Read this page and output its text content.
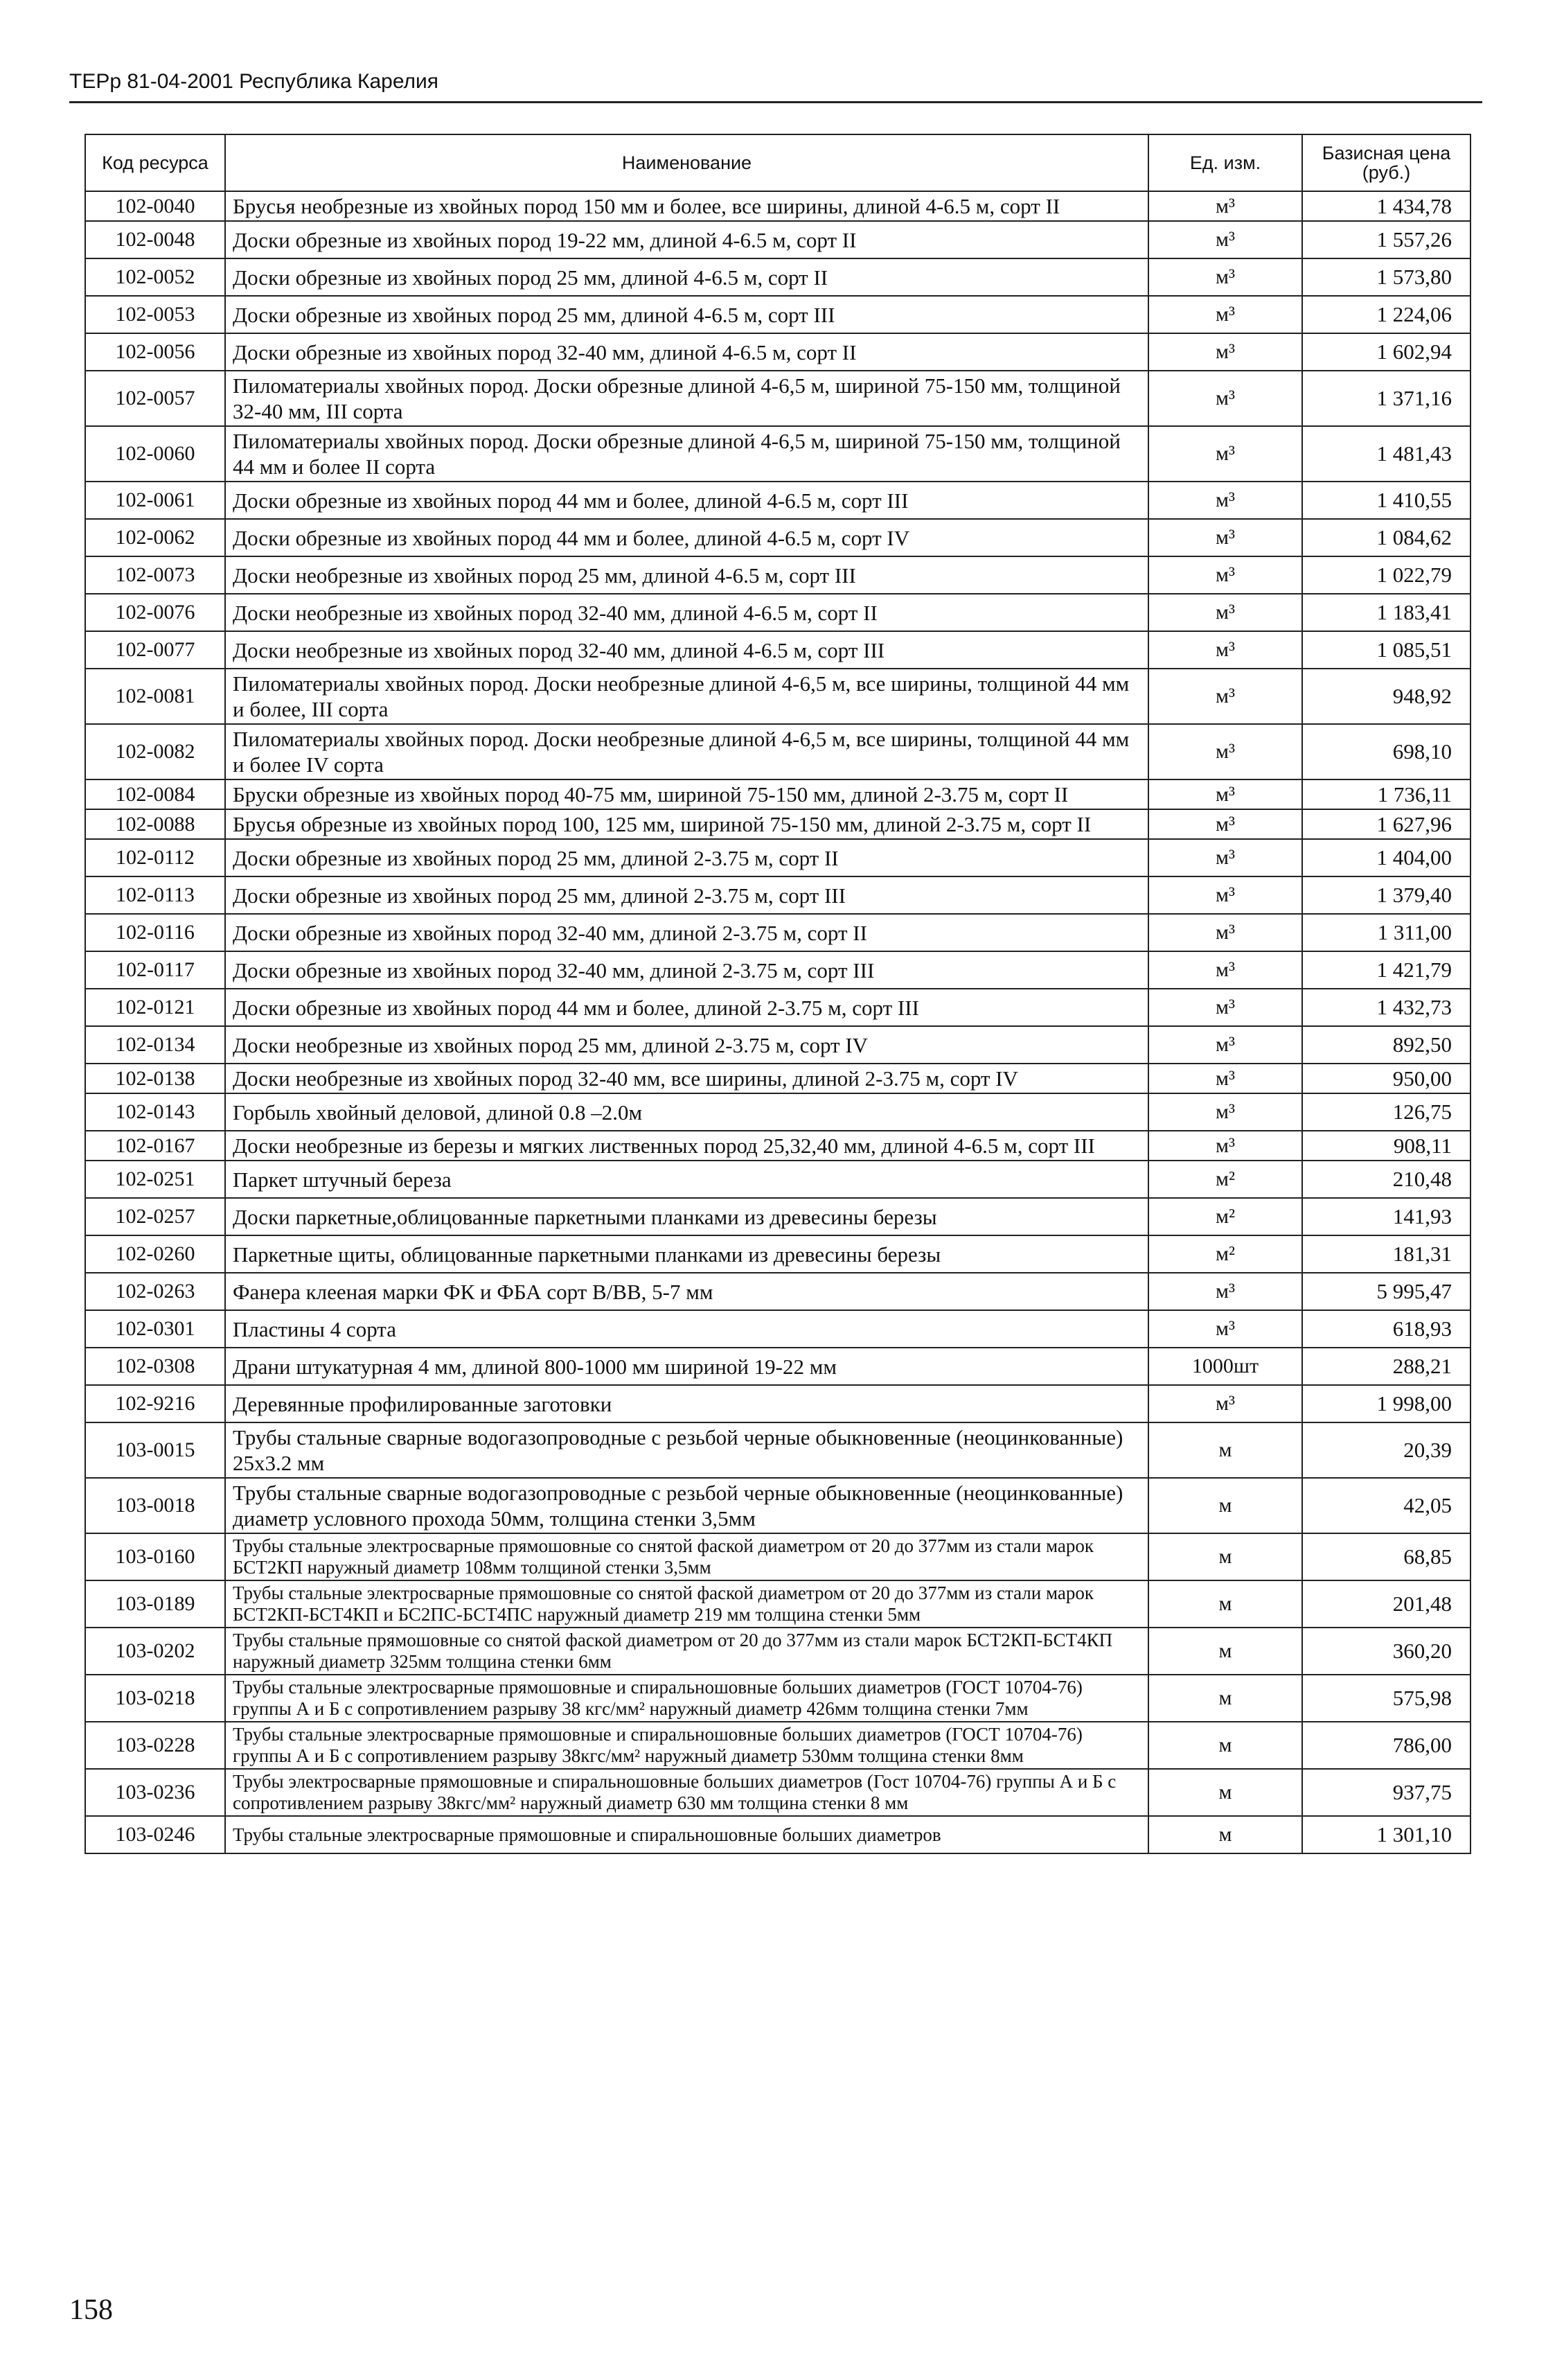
ТЕРр 81-04-2001 Республика Карелия
Код ресурса	Наименование	Ед. изм.	Базисная цена (руб.)
102-0040	Брусья необрезные из хвойных пород 150 мм и более, все ширины, длиной 4-6.5 м, сорт II	м³	1 434,78
102-0048	Доски обрезные из хвойных пород 19-22 мм, длиной 4-6.5 м, сорт II	м³	1 557,26
102-0052	Доски обрезные из хвойных пород 25 мм, длиной 4-6.5 м, сорт II	м³	1 573,80
102-0053	Доски обрезные из хвойных пород 25 мм, длиной 4-6.5 м, сорт III	м³	1 224,06
102-0056	Доски обрезные из хвойных пород 32-40 мм, длиной 4-6.5 м, сорт II	м³	1 602,94
102-0057	Пиломатериалы хвойных пород. Доски обрезные длиной 4-6,5 м, шириной 75-150 мм, толщиной 32-40 мм, III сорта	м³	1 371,16
102-0060	Пиломатериалы хвойных пород. Доски обрезные длиной 4-6,5 м, шириной 75-150 мм, толщиной 44 мм и более II сорта	м³	1 481,43
102-0061	Доски обрезные из хвойных пород 44 мм и более, длиной 4-6.5 м, сорт III	м³	1 410,55
102-0062	Доски обрезные из хвойных пород 44 мм и более, длиной 4-6.5 м, сорт IV	м³	1 084,62
102-0073	Доски необрезные из хвойных пород 25 мм, длиной 4-6.5 м, сорт III	м³	1 022,79
102-0076	Доски необрезные из хвойных пород 32-40 мм, длиной 4-6.5 м, сорт II	м³	1 183,41
102-0077	Доски необрезные из хвойных пород 32-40 мм, длиной 4-6.5 м, сорт III	м³	1 085,51
102-0081	Пиломатериалы хвойных пород. Доски необрезные длиной 4-6,5 м, все ширины, толщиной 44 мм и более, III сорта	м³	948,92
102-0082	Пиломатериалы хвойных пород. Доски необрезные длиной 4-6,5 м, все ширины, толщиной 44 мм и более IV сорта	м³	698,10
102-0084	Бруски обрезные из хвойных пород 40-75 мм, шириной 75-150 мм, длиной 2-3.75 м, сорт II	м³	1 736,11
102-0088	Брусья обрезные из хвойных пород 100, 125 мм, шириной 75-150 мм, длиной 2-3.75 м, сорт II	м³	1 627,96
102-0112	Доски обрезные из хвойных пород 25 мм, длиной 2-3.75 м, сорт II	м³	1 404,00
102-0113	Доски обрезные из хвойных пород 25 мм, длиной 2-3.75 м, сорт III	м³	1 379,40
102-0116	Доски обрезные из хвойных пород 32-40 мм, длиной 2-3.75 м, сорт II	м³	1 311,00
102-0117	Доски обрезные из хвойных пород 32-40 мм, длиной 2-3.75 м, сорт III	м³	1 421,79
102-0121	Доски обрезные из хвойных пород 44 мм и более, длиной 2-3.75 м, сорт III	м³	1 432,73
102-0134	Доски необрезные из хвойных пород 25 мм, длиной 2-3.75 м, сорт IV	м³	892,50
102-0138	Доски необрезные из хвойных пород 32-40 мм, все ширины, длиной 2-3.75 м, сорт IV	м³	950,00
102-0143	Горбыль хвойный деловой, длиной 0.8 –2.0м	м³	126,75
102-0167	Доски необрезные из березы и мягких лиственных пород 25,32,40 мм, длиной 4-6.5 м, сорт III	м³	908,11
102-0251	Паркет штучный береза	м²	210,48
102-0257	Доски паркетные,облицованные паркетными планками из древесины березы	м²	141,93
102-0260	Паркетные щиты, облицованные паркетными планками из древесины березы	м²	181,31
102-0263	Фанера клееная марки ФК и ФБА сорт В/ВВ, 5-7 мм	м³	5 995,47
102-0301	Пластины 4 сорта	м³	618,93
102-0308	Драни штукатурная 4 мм, длиной 800-1000 мм шириной 19-22 мм	1000шт	288,21
102-9216	Деревянные профилированные заготовки	м³	1 998,00
103-0015	Трубы стальные сварные водогазопроводные с резьбой черные обыкновенные (неоцинкованные) 25х3.2 мм	м	20,39
103-0018	Трубы стальные сварные водогазопроводные с резьбой черные обыкновенные (неоцинкованные) диаметр условного прохода 50мм, толщина стенки 3,5мм	м	42,05
103-0160	Трубы стальные электросварные прямошовные со снятой фаской диаметром от 20 до 377мм из стали марок БСТ2КП наружный диаметр 108мм толщиной стенки 3,5мм	м	68,85
103-0189	Трубы стальные электросварные прямошовные со снятой фаской диаметром от 20 до 377мм из стали марок БСТ2КП-БСТ4КП и БС2ПС-БСТ4ПС наружный диаметр 219 мм толщина стенки 5мм	м	201,48
103-0202	Трубы стальные прямошовные со снятой фаской диаметром от 20 до 377мм из стали марок БСТ2КП-БСТ4КП наружный диаметр 325мм толщина стенки 6мм	м	360,20
103-0218	Трубы стальные электросварные прямошовные и спиральношовные больших диаметров (ГОСТ 10704-76) группы А и Б с сопротивлением разрыву 38 кгс/мм² наружный диаметр 426мм толщина стенки 7мм	м	575,98
103-0228	Трубы стальные электросварные прямошовные и спиральношовные больших диаметров (ГОСТ 10704-76) группы А и Б с сопротивлением разрыву 38кгс/мм² наружный диаметр 530мм толщина стенки 8мм	м	786,00
103-0236	Трубы электросварные прямошовные и спиральношовные больших диаметров (Гост 10704-76) группы А и Б с сопротивлением разрыву 38кгс/мм² наружный диаметр 630 мм толщина стенки 8 мм	м	937,75
103-0246	Трубы стальные электросварные прямошовные и спиральношовные больших диаметров	м	1 301,10
158
